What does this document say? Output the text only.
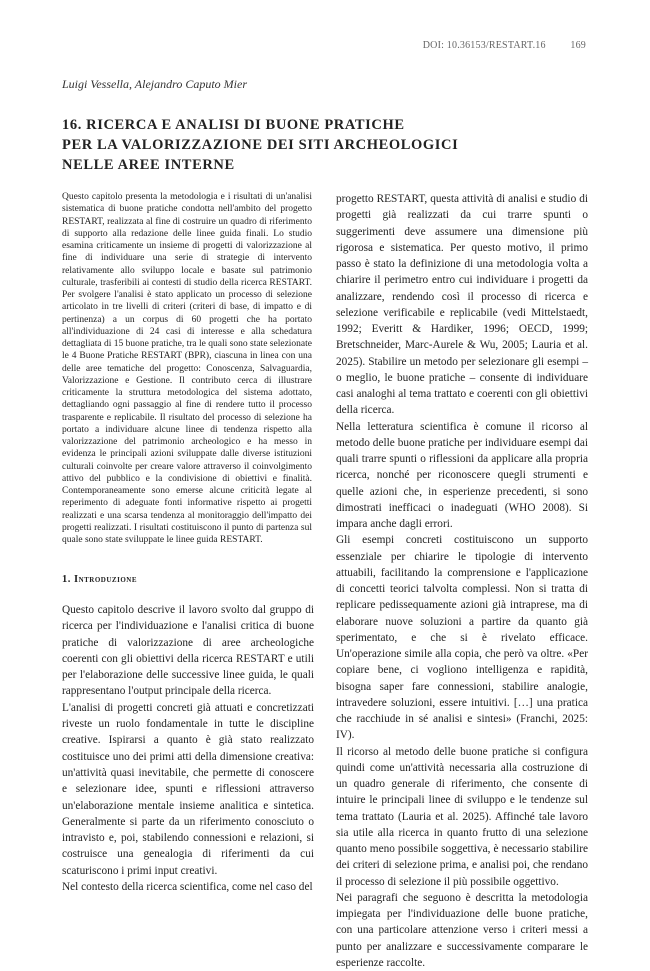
DOI: 10.36153/RESTART.16 169
Luigi Vessella, Alejandro Caputo Mier
16. RICERCA E ANALISI DI BUONE PRATICHE
PER LA VALORIZZAZIONE DEI SITI ARCHEOLOGICI
NELLE AREE INTERNE

Questo capitolo presenta la metodologia e i risultati di un'analisi sistematica di buone pratiche condotta nell'ambito del progetto RESTART, realizzata al fine di costruire un quadro di riferimento di supporto alla redazione delle linee guida finali. Lo studio esamina criticamente un insieme di progetti di valorizzazione al fine di individuare una serie di strategie di intervento relativamente allo sviluppo locale e basate sul patrimonio culturale, trasferibili ai contesti di studio della ricerca RESTART. Per svolgere l'analisi è stato applicato un processo di selezione articolato in tre livelli di criteri (criteri di base, di impatto e di pertinenza) a un corpus di 60 progetti che ha portato all'individuazione di 24 casi di interesse e alla schedatura dettagliata di 15 buone pratiche, tra le quali sono state selezionate le 4 Buone Pratiche RESTART (BPR), ciascuna in linea con una delle aree tematiche del progetto: Conoscenza, Salvaguardia, Valorizzazione e Gestione. Il contributo cerca di illustrare criticamente la struttura metodologica del sistema adottato, dettagliando ogni passaggio al fine di rendere tutto il processo trasparente e replicabile. Il risultato del processo di selezione ha portato a individuare alcune linee di tendenza rispetto alla valorizzazione del patrimonio archeologico e ha messo in evidenza le principali azioni sviluppate dalle diverse istituzioni culturali coinvolte per creare valore attraverso il coinvolgimento attivo del pubblico e la condivisione di obiettivi e finalità. Contemporaneamente sono emerse alcune criticità legate al reperimento di adeguate fonti informative rispetto ai progetti realizzati e una scarsa tendenza al monitoraggio dell'impatto dei progetti realizzati. I risultati costituiscono il punto di partenza sul quale sono state sviluppate le linee guida RESTART.

1. Introduzione

Questo capitolo descrive il lavoro svolto dal gruppo di ricerca per l'individuazione e l'analisi critica di buone pratiche di valorizzazione di aree archeologiche coerenti con gli obiettivi della ricerca RESTART e utili per l'elaborazione delle successive linee guida, le quali rappresentano l'output principale della ricerca.

L'analisi di progetti concreti già attuati e concretizzati riveste un ruolo fondamentale in tutte le discipline creative. Ispirarsi a quanto è già stato realizzato costituisce uno dei primi atti della dimensione creativa: un'attività quasi inevitabile, che permette di conoscere e selezionare idee, spunti e riflessioni attraverso un'elaborazione mentale insieme analitica e sintetica. Generalmente si parte da un riferimento conosciuto o intravisto e, poi, stabilendo connessioni e relazioni, si costruisce una genealogia di riferimenti da cui scaturiscono i primi input creativi.

Nel contesto della ricerca scientifica, come nel caso del

progetto RESTART, questa attività di analisi e studio di progetti già realizzati da cui trarre spunti o suggerimenti deve assumere una dimensione più rigorosa e sistematica. Per questo motivo, il primo passo è stato la definizione di una metodologia volta a chiarire il perimetro entro cui individuare i progetti da analizzare, rendendo così il processo di ricerca e selezione verificabile e replicabile (vedi Mittelstaedt, 1992; Everitt & Hardiker, 1996; OECD, 1999; Bretschneider, Marc-Aurele & Wu, 2005; Lauria et al. 2025). Stabilire un metodo per selezionare gli esempi – o meglio, le buone pratiche – consente di individuare casi analoghi al tema trattato e coerenti con gli obiettivi della ricerca.

Nella letteratura scientifica è comune il ricorso al metodo delle buone pratiche per individuare esempi dai quali trarre spunti o riflessioni da applicare alla propria ricerca, nonché per riconoscere quegli strumenti e quelle azioni che, in esperienze precedenti, si sono dimostrati inefficaci o inadeguati (WHO 2008). Si impara anche dagli errori.

Gli esempi concreti costituiscono un supporto essenziale per chiarire le tipologie di intervento attuabili, facilitando la comprensione e l'applicazione di concetti teorici talvolta complessi. Non si tratta di replicare pedissequamente azioni già intraprese, ma di elaborare nuove soluzioni a partire da quanto già sperimentato, e che si è rivelato efficace. Un'operazione simile alla copia, che però va oltre. «Per copiare bene, ci vogliono intelligenza e rapidità, bisogna saper fare connessioni, stabilire analogie, intravedere soluzioni, essere intuitivi. […] una pratica che racchiude in sé analisi e sintesi» (Franchi, 2025: IV).

Il ricorso al metodo delle buone pratiche si configura quindi come un'attività necessaria alla costruzione di un quadro generale di riferimento, che consente di intuire le principali linee di sviluppo e le tendenze sul tema trattato (Lauria et al. 2025). Affinché tale lavoro sia utile alla ricerca in quanto frutto di una selezione quanto meno possibile soggettiva, è necessario stabilire dei criteri di selezione prima, e analisi poi, che rendano il processo di selezione il più possibile oggettivo.

Nei paragrafi che seguono è descritta la metodologia impiegata per l'individuazione delle buone pratiche, con una particolare attenzione verso i criteri messi a punto per analizzare e successivamente comparare le esperienze raccolte.
